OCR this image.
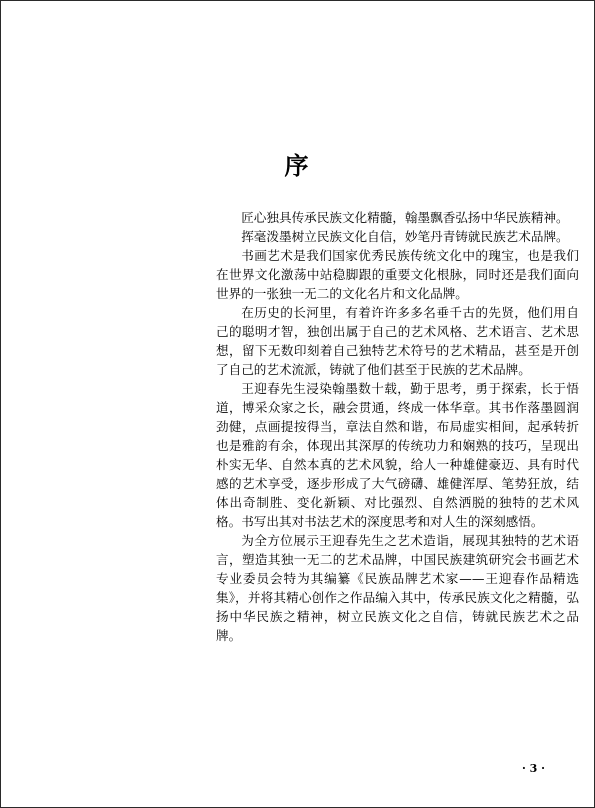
序

匠心独具传承民族文化精髓，翰墨飘香弘扬中华民族精神。

挥毫泼墨树立民族文化自信，妙笔丹青铸就民族艺术品牌。

书画艺术是我们国家优秀民族传统文化中的瑰宝，也是我们在世界文化激荡中站稳脚跟的重要文化根脉，同时还是我们面向世界的一张独一无二的文化名片和文化品牌。

在历史的长河里，有着许许多多名垂千古的先贤，他们用自己的聪明才智，独创出属于自己的艺术风格、艺术语言、艺术思想，留下无数印刻着自己独特艺术符号的艺术精品，甚至是开创了自己的艺术流派，铸就了他们甚至于民族的艺术品牌。

王迎春先生浸染翰墨数十载，勤于思考，勇于探索，长于悟道，博采众家之长，融会贯通，终成一体华章。其书作落墨圆润劲健，点画提按得当，章法自然和谐，布局虚实相间，起承转折也是雅韵有余，体现出其深厚的传统功力和娴熟的技巧，呈现出朴实无华、自然本真的艺术风貌，给人一种雄健豪迈、具有时代感的艺术享受，逐步形成了大气磅礴、雄健浑厚、笔势狂放，结体出奇制胜、变化新颖、对比强烈、自然洒脱的独特的艺术风格。书写出其对书法艺术的深度思考和对人生的深刻感悟。

为全方位展示王迎春先生之艺术造诣，展现其独特的艺术语言，塑造其独一无二的艺术品牌，中国民族建筑研究会书画艺术专业委员会特为其编纂《民族品牌艺术家——王迎春作品精选集》，并将其精心创作之作品编入其中，传承民族文化之精髓，弘扬中华民族之精神，树立民族文化之自信，铸就民族艺术之品牌。

· 3 ·
